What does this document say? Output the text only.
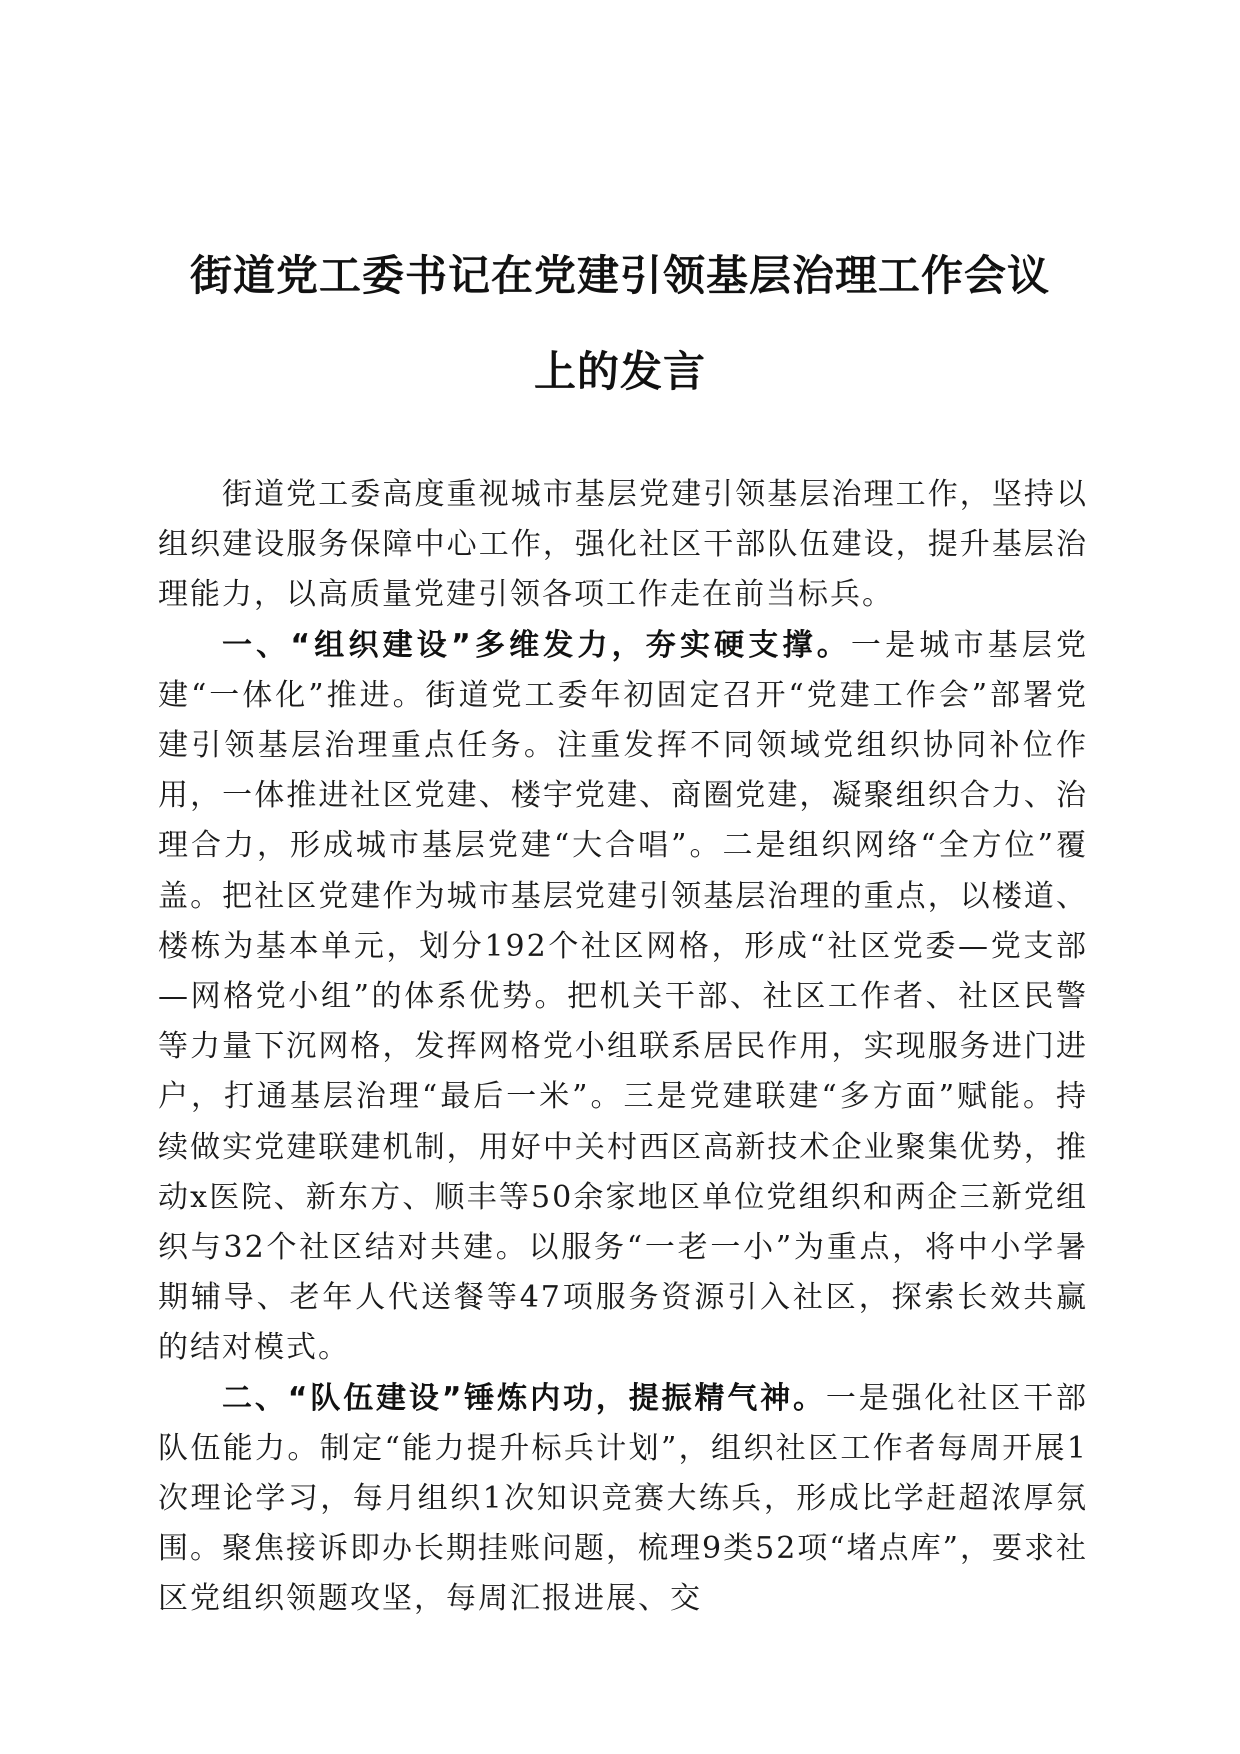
街道党工委书记在党建引领基层治理工作会议
上的发言

街道党工委高度重视城市基层党建引领基层治理工作，坚持以组织建设服务保障中心工作，强化社区干部队伍建设，提升基层治理能力，以高质量党建引领各项工作走在前当标兵。

一、“组织建设”多维发力，夯实硬支撑。一是城市基层党建“一体化”推进。街道党工委年初固定召开“党建工作会”部署党建引领基层治理重点任务。注重发挥不同领域党组织协同补位作用，一体推进社区党建、楼宇党建、商圈党建，凝聚组织合力、治理合力，形成城市基层党建“大合唱”。二是组织网络“全方位”覆盖。把社区党建作为城市基层党建引领基层治理的重点，以楼道、楼栋为基本单元，划分192个社区网格，形成“社区党委—党支部—网格党小组”的体系优势。把机关干部、社区工作者、社区民警等力量下沉网格，发挥网格党小组联系居民作用，实现服务进门进户，打通基层治理“最后一米”。三是党建联建“多方面”赋能。持续做实党建联建机制，用好中关村西区高新技术企业聚集优势，推动x医院、新东方、顺丰等50余家地区单位党组织和两企三新党组织与32个社区结对共建。以服务“一老一小”为重点，将中小学暑期辅导、老年人代送餐等47项服务资源引入社区，探索长效共赢的结对模式。

二、“队伍建设”锤炼内功，提振精气神。一是强化社区干部队伍能力。制定“能力提升标兵计划”，组织社区工作者每周开展1次理论学习，每月组织1次知识竞赛大练兵，形成比学赶超浓厚氛围。聚焦接诉即办长期挂账问题，梳理9类52项“堵点库”，要求社区党组织领题攻坚，每周汇报进展、交
